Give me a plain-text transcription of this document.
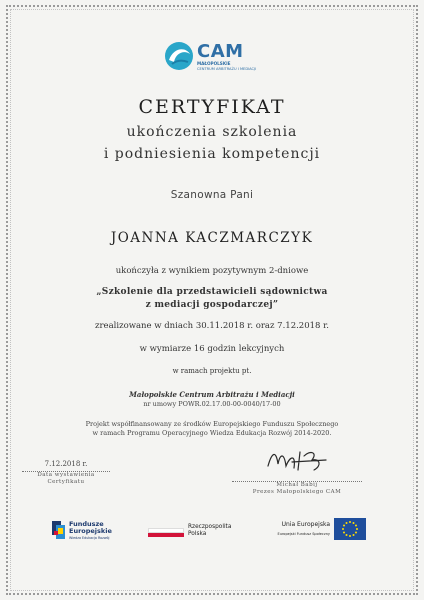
CAM
MAŁOPOLSKIE
CENTRUM ARBITRAŻU I MEDIACJI
CERTYFIKAT
ukończenia szkolenia
i podniesienia kompetencji
Szanowna Pani
JOANNA KACZMARCZYK
ukończyła z wynikiem pozytywnym 2-dniowe
„Szkolenie dla przedstawicieli sądownictwa
z mediacji gospodarczej”
zrealizowane w dniach 30.11.2018 r. oraz 7.12.2018 r.
w wymiarze 16 godzin lekcyjnych
w ramach projektu pt.
Małopolskie Centrum Arbitrażu i Mediacji
nr umowy POWR.02.17.00-00-0040/17-00
Projekt współfinansowany ze środków Europejskiego Funduszu Społecznego
w ramach Programu Operacyjnego Wiedza Edukacja Rozwój 2014-2020.
7.12.2018 r.
Data wystawienia
Certyfikatu	Michał Babij
Prezes Małopolskiego CAM
Fundusze
Europejskie
Wiedza Edukacja Rozwój
Rzeczpospolita
Polska
Unia Europejska
Europejski Fundusz Społeczny
